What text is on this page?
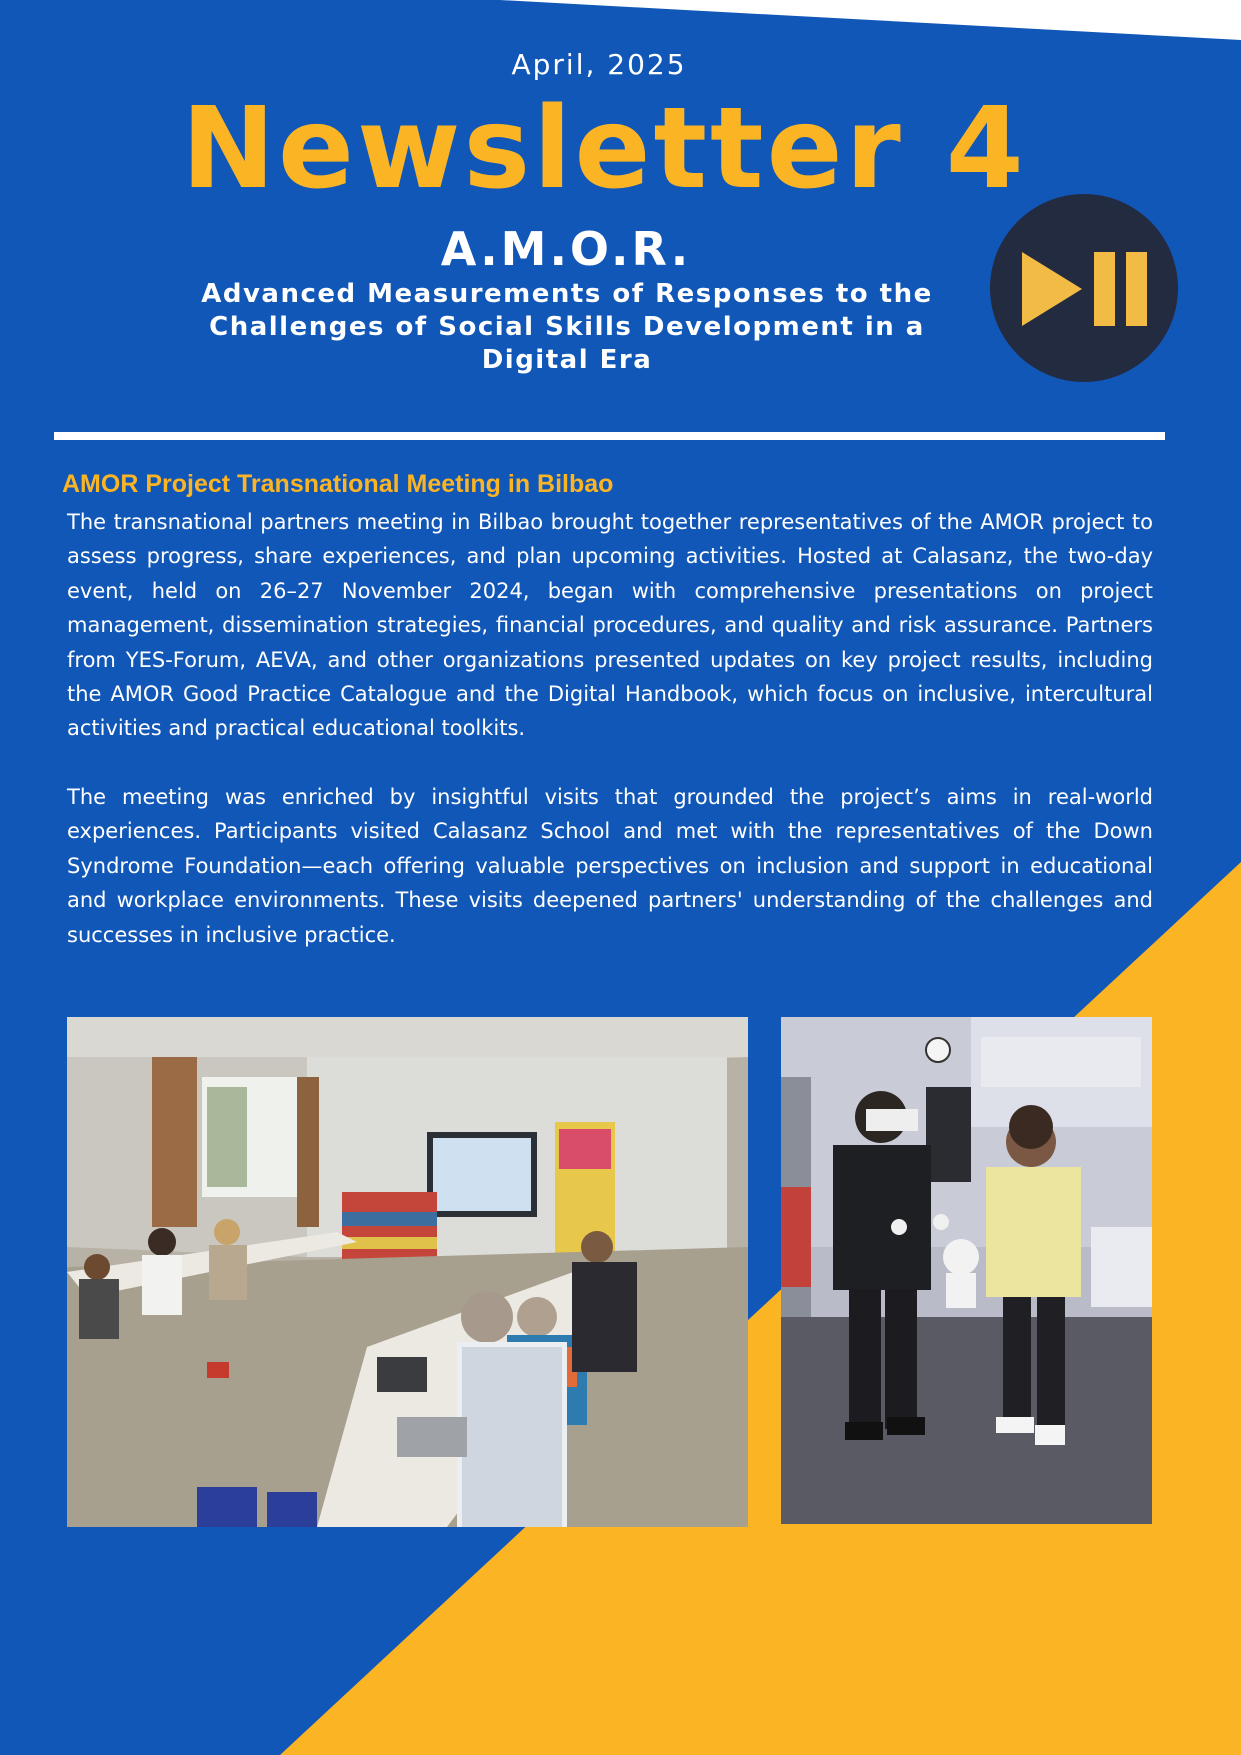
April, 2025
Newsletter 4
A.M.O.R.
Advanced Measurements of Responses to the Challenges of Social Skills Development in a Digital Era
AMOR Project Transnational Meeting in Bilbao

The transnational partners meeting in Bilbao brought together representatives of the AMOR project to assess progress, share experiences, and plan upcoming activities. Hosted at Calasanz, the two-day event, held on 26–27 November 2024, began with comprehensive presentations on project management, dissemination strategies, financial procedures, and quality and risk assurance. Partners from YES-Forum, AEVA, and other organizations presented updates on key project results, including the AMOR Good Practice Catalogue and the Digital Handbook, which focus on inclusive, intercultural activities and practical educational toolkits.

The meeting was enriched by insightful visits that grounded the project’s aims in real-world experiences. Participants visited Calasanz School and met with the representatives of the Down Syndrome Foundation—each offering valuable perspectives on inclusion and support in educational and workplace environments. These visits deepened partners' understanding of the challenges and successes in inclusive practice.
